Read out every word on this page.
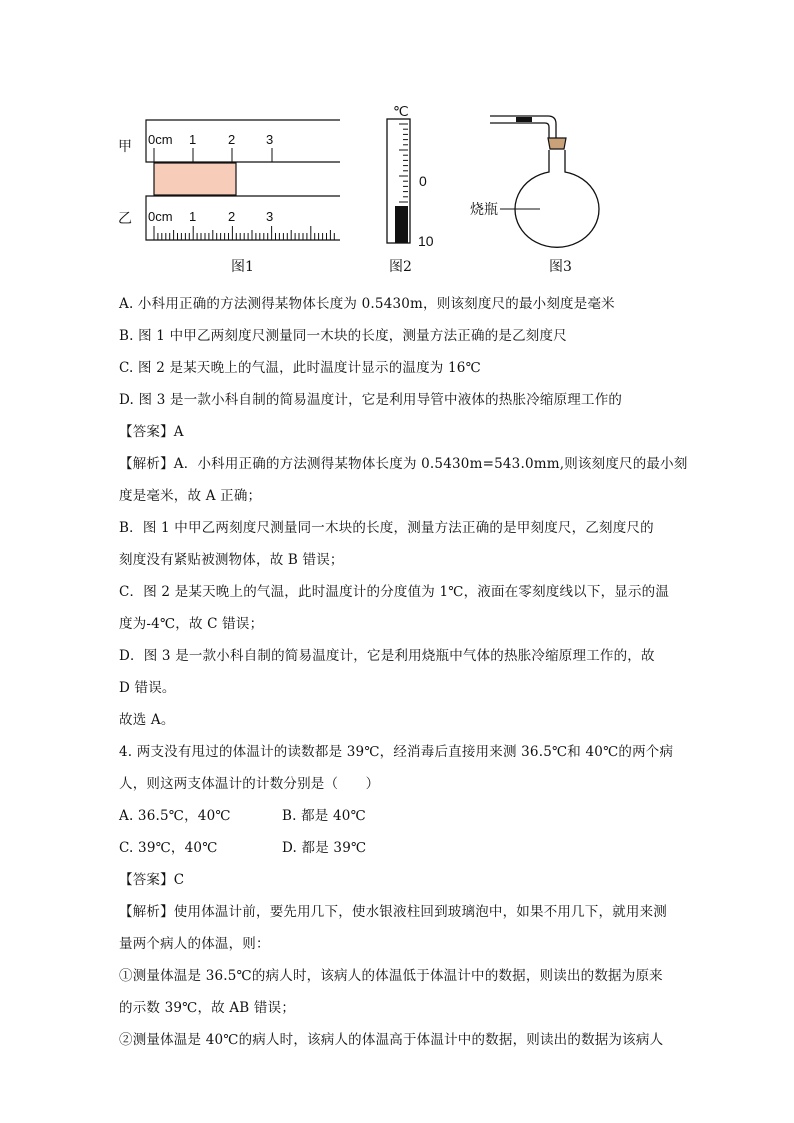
甲
乙
0cm 1 2 3
0cm 1 2 3
图1
℃
0
10
图2
烧瓶
图3
A. 小科用正确的方法测得某物体长度为 0.5430m，则该刻度尺的最小刻度是毫米
B. 图 1 中甲乙两刻度尺测量同一木块的长度，测量方法正确的是乙刻度尺
C. 图 2 是某天晚上的气温，此时温度计显示的温度为 16℃
D. 图 3 是一款小科自制的简易温度计，它是利用导管中液体的热胀冷缩原理工作的
【答案】A
【解析】A．小科用正确的方法测得某物体长度为 0.5430m=543.0mm,则该刻度尺的最小刻
度是毫米，故 A 正确；
B．图 1 中甲乙两刻度尺测量同一木块的长度，测量方法正确的是甲刻度尺，乙刻度尺的
刻度没有紧贴被测物体，故 B 错误；
C．图 2 是某天晚上的气温，此时温度计的分度值为 1℃，液面在零刻度线以下，显示的温
度为-4℃，故 C 错误；
D．图 3 是一款小科自制的简易温度计，它是利用烧瓶中气体的热胀冷缩原理工作的，故
D 错误。
故选 A。
4. 两支没有甩过的体温计的读数都是 39℃，经消毒后直接用来测 36.5℃和 40℃的两个病
人，则这两支体温计的计数分别是（　　）
A. 36.5℃，40℃	B. 都是 40℃
C. 39℃，40℃	D. 都是 39℃
【答案】C
【解析】使用体温计前，要先用几下，使水银液柱回到玻璃泡中，如果不用几下，就用来测
量两个病人的体温，则：
①测量体温是 36.5℃的病人时，该病人的体温低于体温计中的数据，则读出的数据为原来
的示数 39℃，故 AB 错误；
②测量体温是 40℃的病人时，该病人的体温高于体温计中的数据，则读出的数据为该病人
